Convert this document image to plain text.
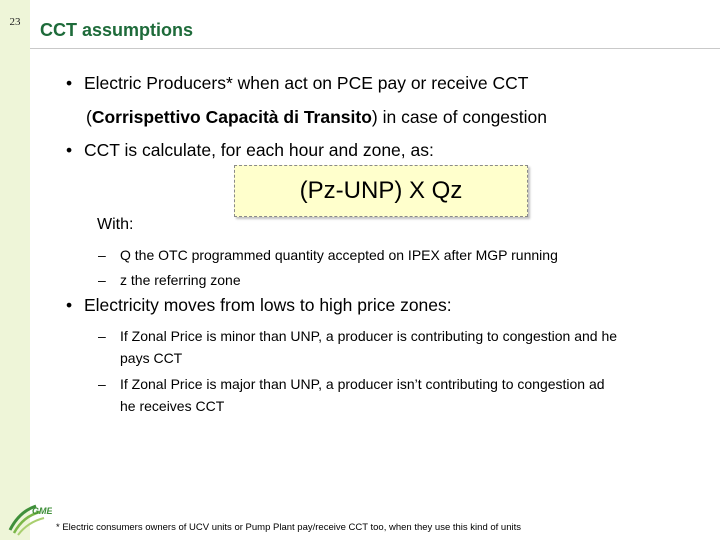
23	CCT assumptions
• Electric Producers* when act on PCE pay or receive CCT
(Corrispettivo Capacità di Transito) in case of congestion
• CCT is calculate, for each hour and zone, as:
(Pz-UNP) X Qz
With:
– Q the OTC programmed quantity accepted on IPEX after MGP running
– z the referring zone
• Electricity moves from lows to high price zones:
– If Zonal Price is minor than UNP, a producer is contributing to congestion and he
pays CCT
– If Zonal Price is major than UNP, a producer isn’t contributing to congestion ad
he receives CCT
GME
* Electric consumers owners of UCV units or Pump Plant pay/receive CCT too, when they use this kind of units
